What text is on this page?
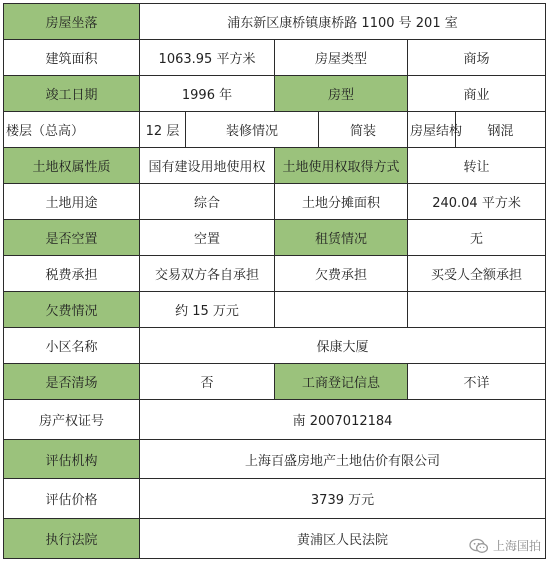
房屋坐落	浦东新区康桥镇康桥路 1100 号 201 室					
建筑面积	1063.95 平方米		房屋类型		商场	
竣工日期	1996 年		房型		商业	
楼层（总高）	12 层	装修情况		简装	房屋结构	钢混
土地权属性质	国有建设用地使用权		土地使用权取得方式		转让	
土地用途	综合		土地分摊面积		240.04 平方米	
是否空置	空置		租赁情况		无	
税费承担	交易双方各自承担		欠费承担		买受人全额承担	
欠费情况	约 15 万元					
小区名称	保康大厦					
是否清场	否		工商登记信息		不详	
房产权证号	南 2007012184					
评估机构	上海百盛房地产土地估价有限公司					
评估价格	3739 万元					
执行法院	黄浦区人民法院						上海国拍
